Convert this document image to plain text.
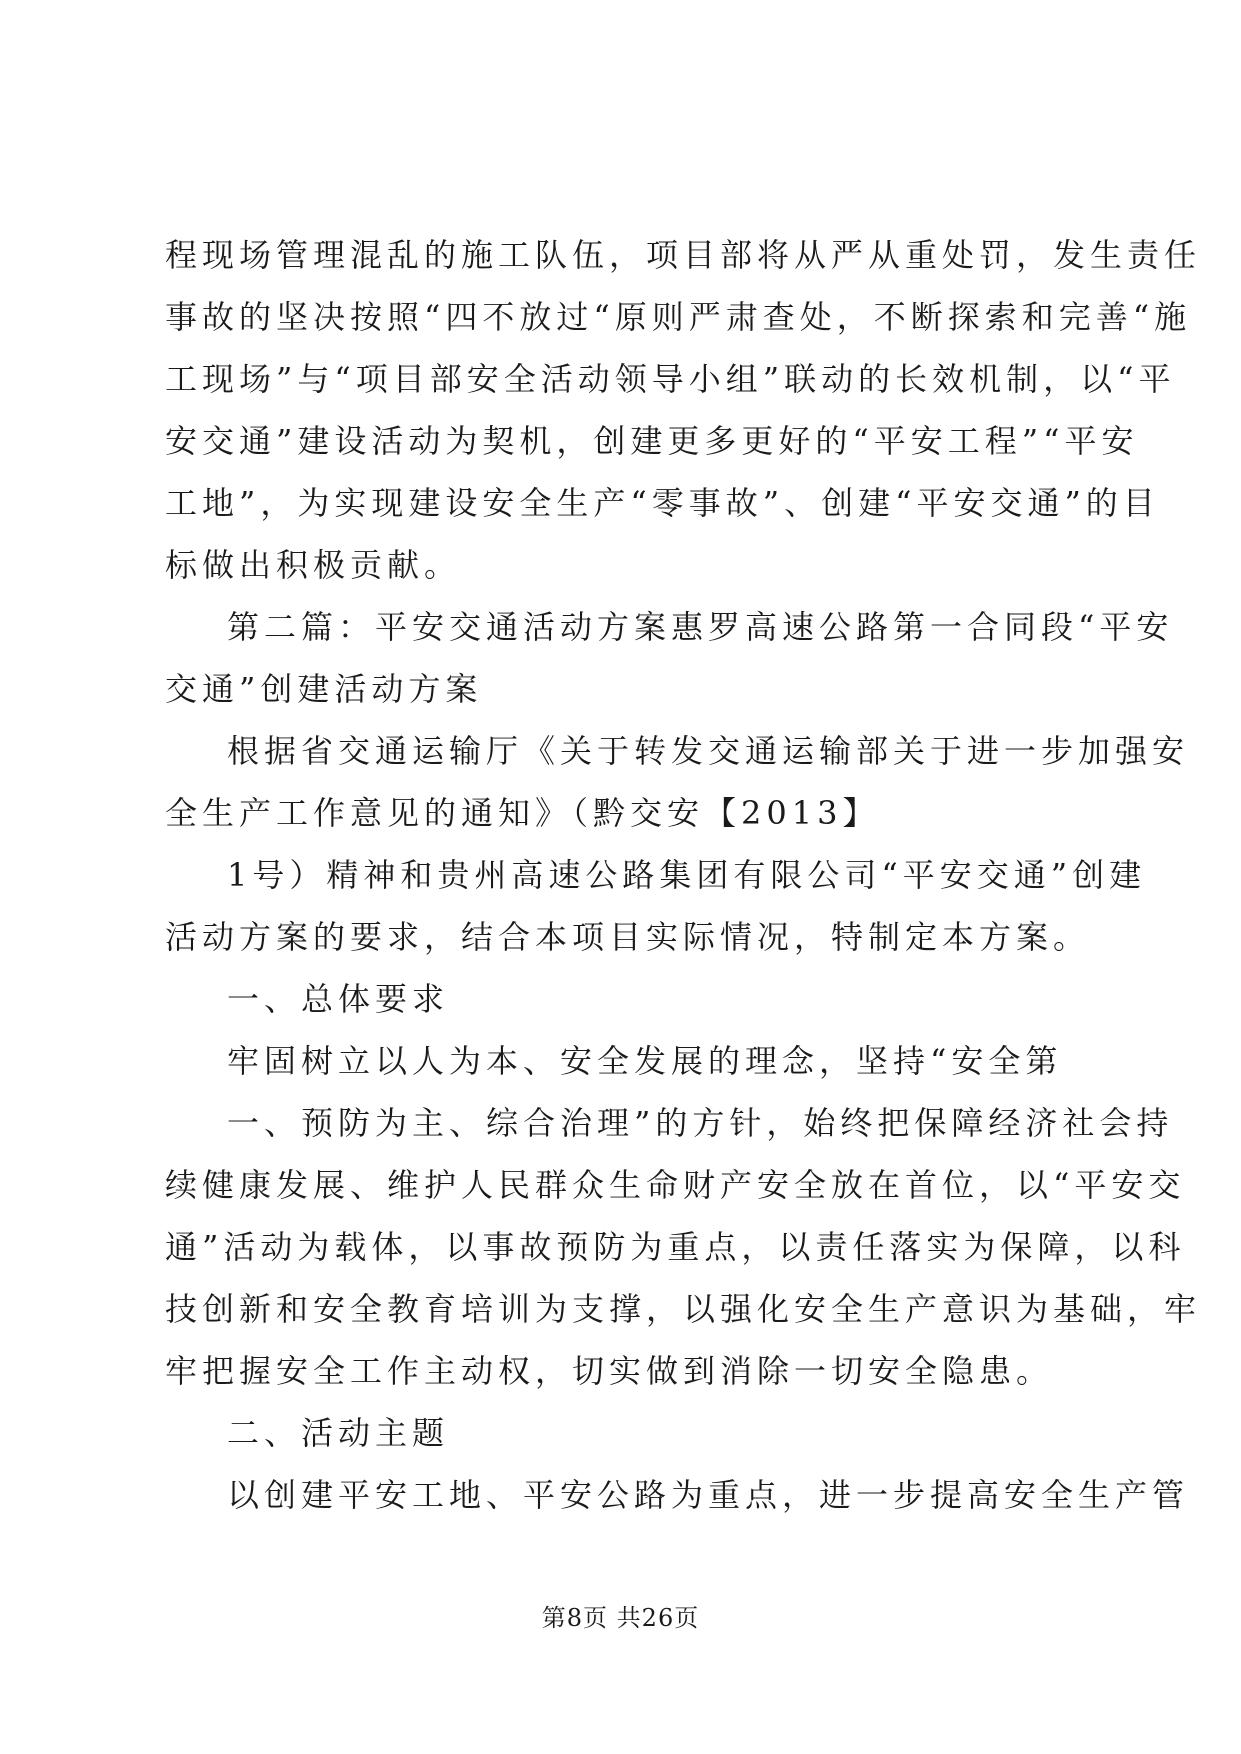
程现场管理混乱的施工队伍，项目部将从严从重处罚，发生责任
事故的坚决按照“四不放过“原则严肃查处，不断探索和完善“施
工现场”与“项目部安全活动领导小组”联动的长效机制，以“平
安交通”建设活动为契机，创建更多更好的“平安工程”“平安
工地”，为实现建设安全生产“零事故”、创建“平安交通”的目
标做出积极贡献。
第二篇：平安交通活动方案惠罗高速公路第一合同段“平安
交通”创建活动方案
根据省交通运输厅《关于转发交通运输部关于进一步加强安
全生产工作意见的通知》（黔交安【2013】
1号）精神和贵州高速公路集团有限公司“平安交通”创建
活动方案的要求，结合本项目实际情况，特制定本方案。
一、总体要求
牢固树立以人为本、安全发展的理念，坚持“安全第
一、预防为主、综合治理”的方针，始终把保障经济社会持
续健康发展、维护人民群众生命财产安全放在首位，以“平安交
通”活动为载体，以事故预防为重点，以责任落实为保障，以科
技创新和安全教育培训为支撑，以强化安全生产意识为基础，牢
牢把握安全工作主动权，切实做到消除一切安全隐患。
二、活动主题
以创建平安工地、平安公路为重点，进一步提高安全生产管
第8页 共26页
